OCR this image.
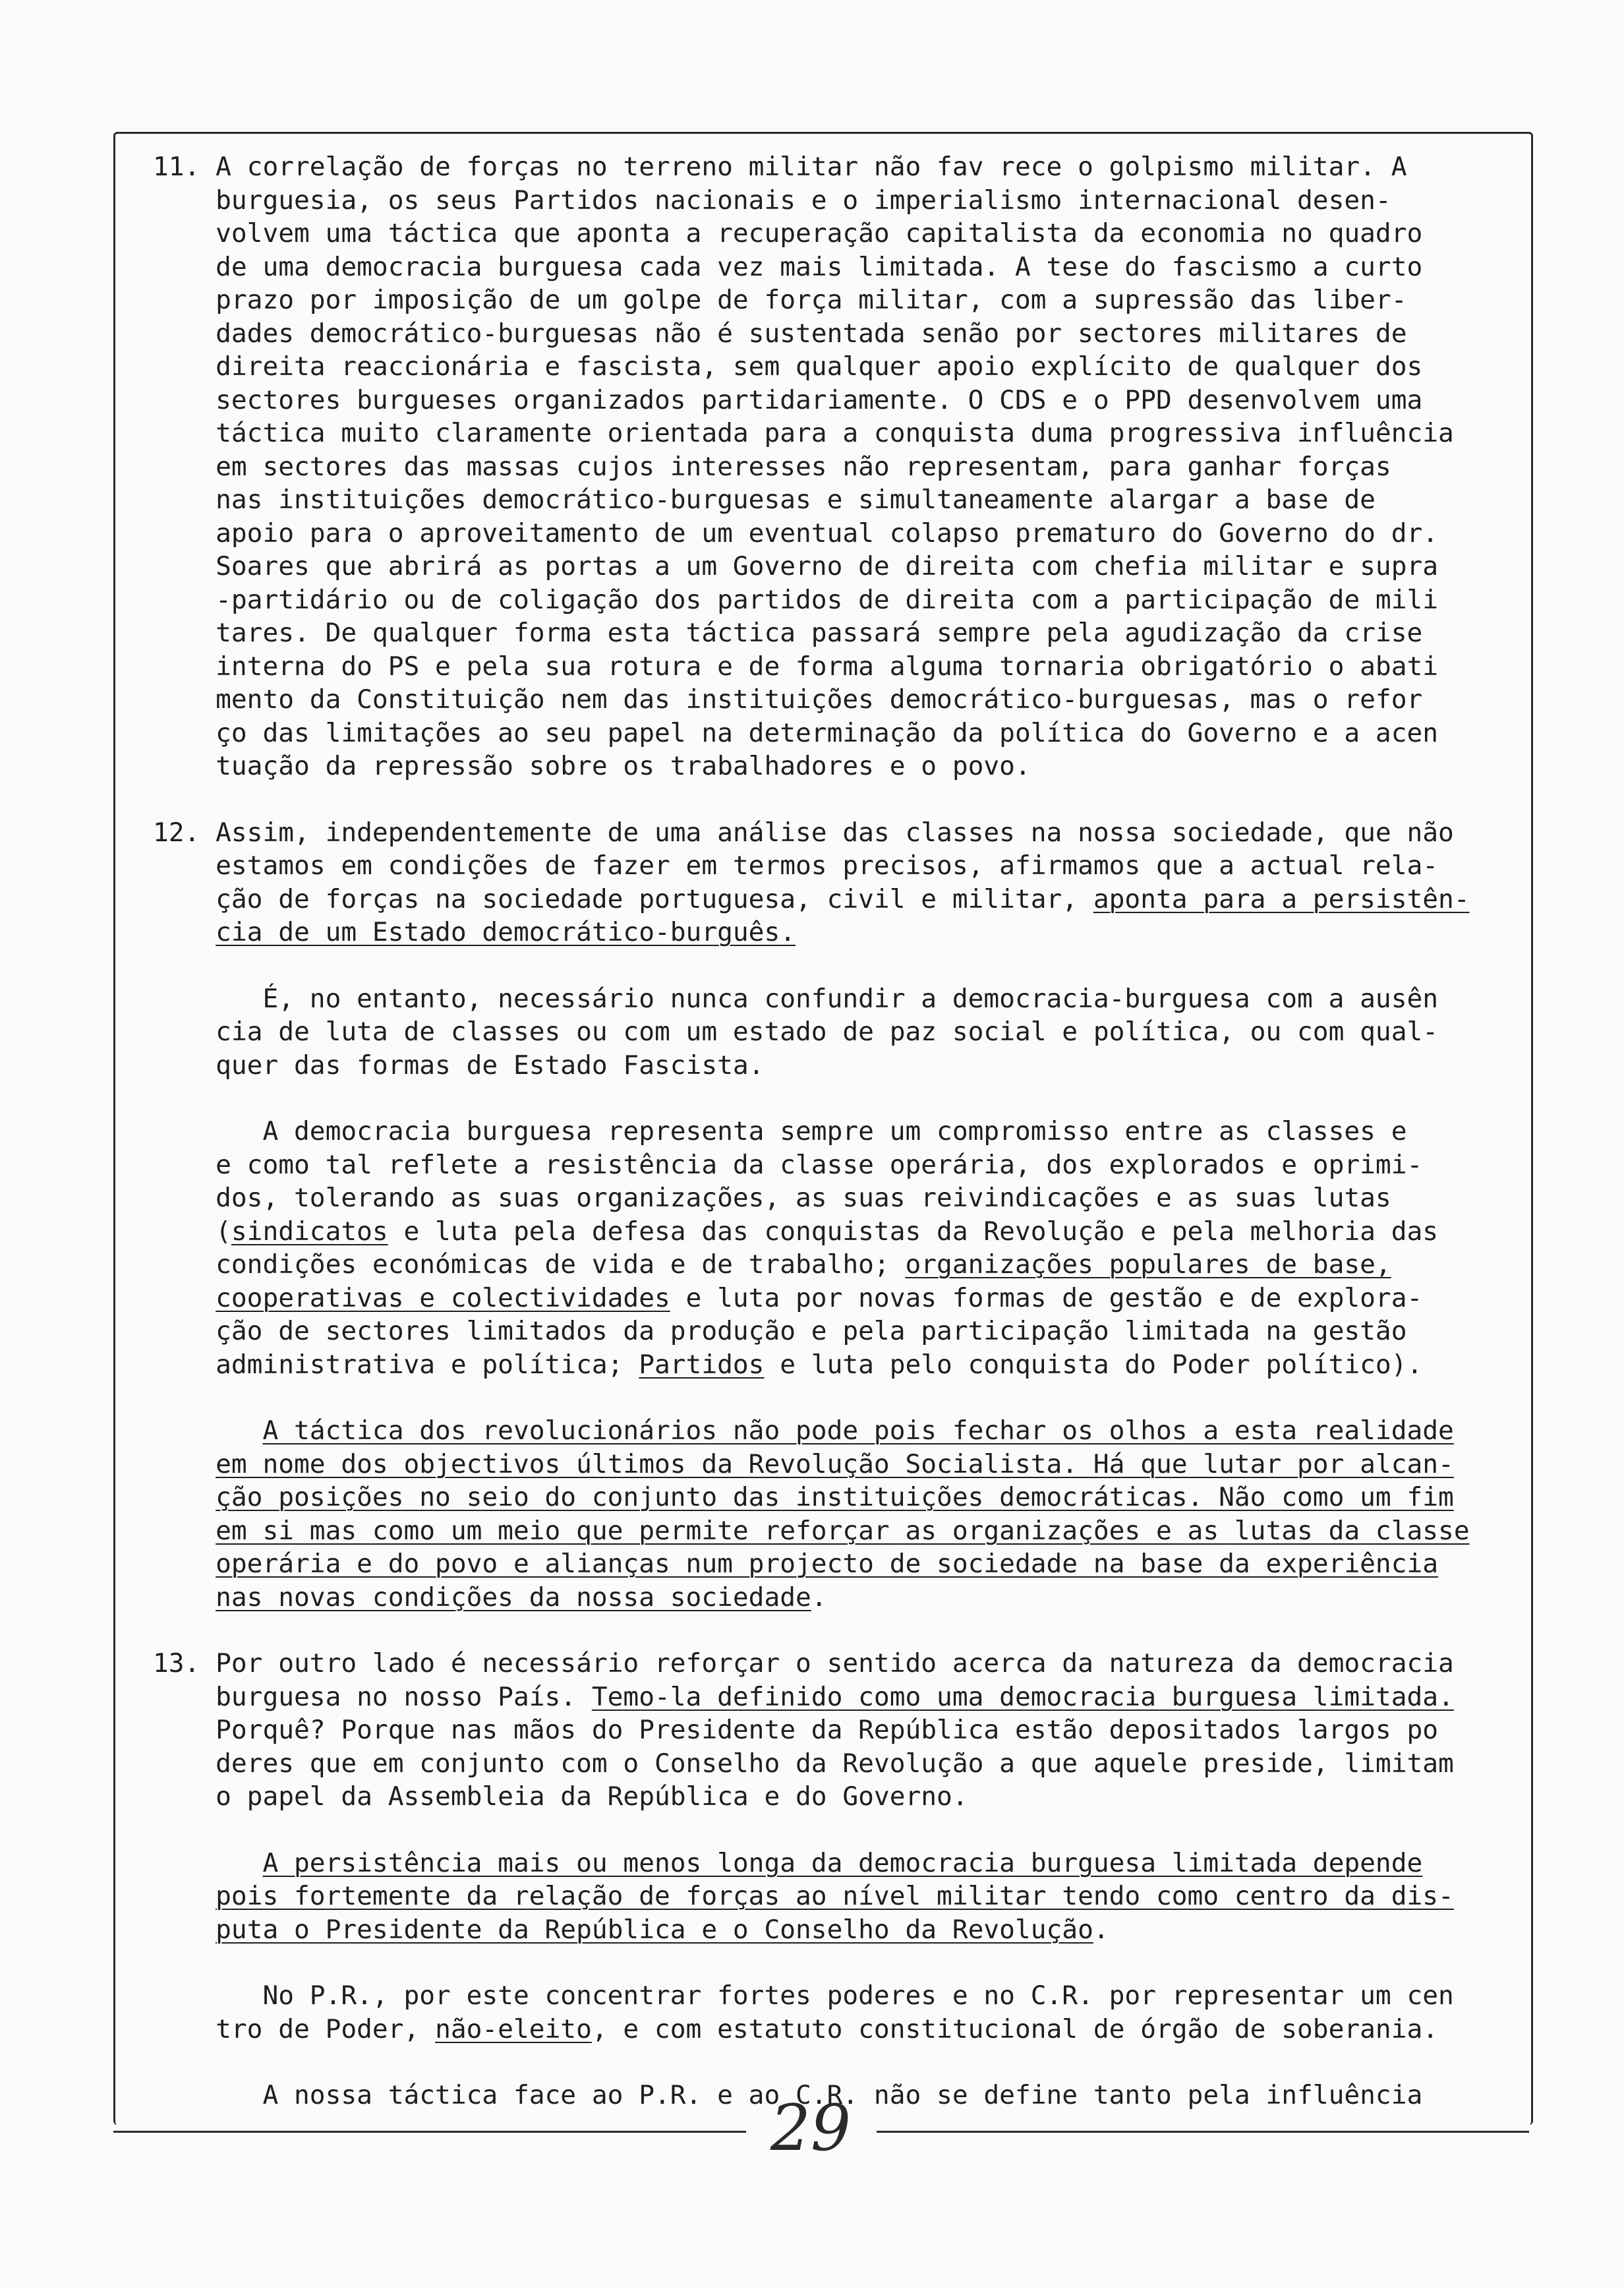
29
11. A correlação de forças no terreno militar não fav rece o golpismo militar. A
burguesia, os seus Partidos nacionais e o imperialismo internacional desen-
volvem uma táctica que aponta a recuperação capitalista da economia no quadro
de uma democracia burguesa cada vez mais limitada. A tese do fascismo a curto
prazo por imposição de um golpe de força militar, com a supressão das liber-
dades democrático-burguesas não é sustentada senão por sectores militares de
direita reaccionária e fascista, sem qualquer apoio explícito de qualquer dos
sectores burgueses organizados partidariamente. O CDS e o PPD desenvolvem uma
táctica muito claramente orientada para a conquista duma progressiva influência
em sectores das massas cujos interesses não representam, para ganhar forças
nas instituições democrático-burguesas e simultaneamente alargar a base de
apoio para o aproveitamento de um eventual colapso prematuro do Governo do dr.
Soares que abrirá as portas a um Governo de direita com chefia militar e supra
-partidário ou de coligação dos partidos de direita com a participação de mili
tares. De qualquer forma esta táctica passará sempre pela agudização da crise
interna do PS e pela sua rotura e de forma alguma tornaria obrigatório o abati
mento da Constituição nem das instituições democrático-burguesas, mas o refor
ço das limitações ao seu papel na determinação da política do Governo e a acen
tuação da repressão sobre os trabalhadores e o povo.
12. Assim, independentemente de uma análise das classes na nossa sociedade, que não
estamos em condições de fazer em termos precisos, afirmamos que a actual rela-
ção de forças na sociedade portuguesa, civil e militar, aponta para a persistên-
cia de um Estado democrático-burguês.
É, no entanto, necessário nunca confundir a democracia-burguesa com a ausên
cia de luta de classes ou com um estado de paz social e política, ou com qual-
quer das formas de Estado Fascista.
A democracia burguesa representa sempre um compromisso entre as classes e
e como tal reflete a resistência da classe operária, dos explorados e oprimi-
dos, tolerando as suas organizações, as suas reivindicações e as suas lutas
(sindicatos e luta pela defesa das conquistas da Revolução e pela melhoria das
condições económicas de vida e de trabalho; organizações populares de base,
cooperativas e colectividades e luta por novas formas de gestão e de explora-
ção de sectores limitados da produção e pela participação limitada na gestão
administrativa e política; Partidos e luta pelo conquista do Poder político).
A táctica dos revolucionários não pode pois fechar os olhos a esta realidade
em nome dos objectivos últimos da Revolução Socialista. Há que lutar por alcan-
ção posições no seio do conjunto das instituições democráticas. Não como um fim
em si mas como um meio que permite reforçar as organizações e as lutas da classe
operária e do povo e alianças num projecto de sociedade na base da experiência
nas novas condições da nossa sociedade.
13. Por outro lado é necessário reforçar o sentido acerca da natureza da democracia
burguesa no nosso País. Temo-la definido como uma democracia burguesa limitada.
Porquê? Porque nas mãos do Presidente da República estão depositados largos po
deres que em conjunto com o Conselho da Revolução a que aquele preside, limitam
o papel da Assembleia da República e do Governo.
A persistência mais ou menos longa da democracia burguesa limitada depende
pois fortemente da relação de forças ao nível militar tendo como centro da dis-
puta o Presidente da República e o Conselho da Revolução.
No P.R., por este concentrar fortes poderes e no C.R. por representar um cen
tro de Poder, não-eleito, e com estatuto constitucional de órgão de soberania.
A nossa táctica face ao P.R. e ao C.R. não se define tanto pela influência
